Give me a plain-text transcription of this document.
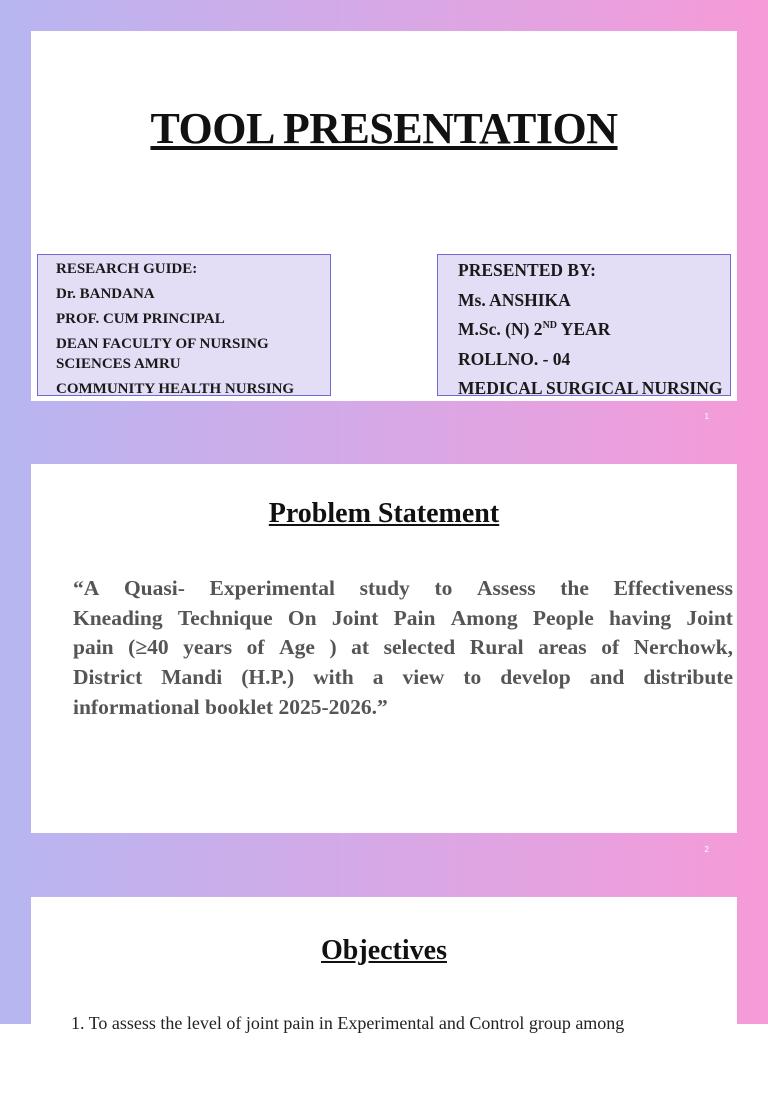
TOOL PRESENTATION
RESEARCH GUIDE:
Dr. BANDANA
PROF. CUM PRINCIPAL
DEAN FACULTY OF NURSING SCIENCES AMRU
COMMUNITY HEALTH NURSING
PRESENTED BY:
Ms. ANSHIKA
M.Sc. (N) 2ND YEAR
ROLLNO. - 04
MEDICAL SURGICAL NURSING
1
Problem Statement
“A Quasi- Experimental study to Assess the Effectiveness
Kneading Technique On Joint Pain Among People having Joint
pain (≥40 years of Age ) at selected Rural areas of Nerchowk,
District Mandi (H.P.) with a view to develop and distribute
informational booklet 2025-2026.”
2
Objectives
1. To assess the level of joint pain in Experimental and Control group among
